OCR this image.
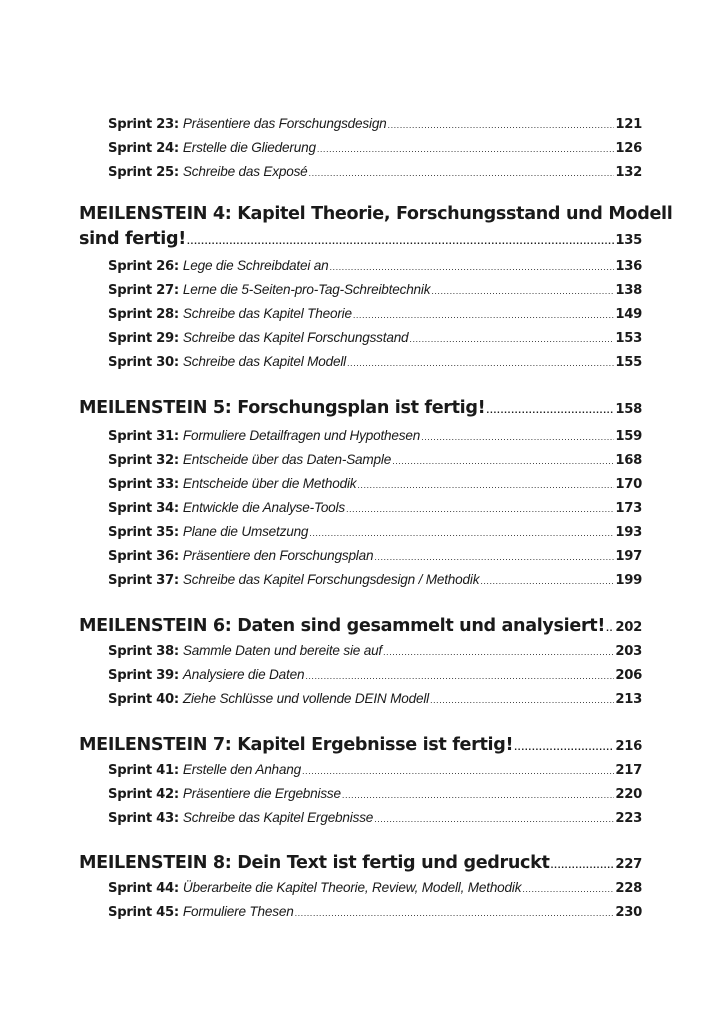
Sprint 23: Präsentiere das Forschungsdesign .....	121
Sprint 24: Erstelle die Gliederung .....	126
Sprint 25: Schreibe das Exposé .....	132
MEILENSTEIN 4: Kapitel Theorie, Forschungsstand und Modell
sind fertig! .....	135
Sprint 26: Lege die Schreibdatei an .....	136
Sprint 27: Lerne die 5-Seiten-pro-Tag-Schreibtechnik .....	138
Sprint 28: Schreibe das Kapitel Theorie .....	149
Sprint 29: Schreibe das Kapitel Forschungsstand .....	153
Sprint 30: Schreibe das Kapitel Modell .....	155
MEILENSTEIN 5: Forschungsplan ist fertig! .....	158
Sprint 31: Formuliere Detailfragen und Hypothesen .....	159
Sprint 32: Entscheide über das Daten-Sample .....	168
Sprint 33: Entscheide über die Methodik .....	170
Sprint 34: Entwickle die Analyse-Tools .....	173
Sprint 35: Plane die Umsetzung .....	193
Sprint 36: Präsentiere den Forschungsplan .....	197
Sprint 37: Schreibe das Kapitel Forschungsdesign / Methodik .....	199
MEILENSTEIN 6: Daten sind gesammelt und analysiert! ..... 202
Sprint 38: Sammle Daten und bereite sie auf .....	203
Sprint 39: Analysiere die Daten .....	206
Sprint 40: Ziehe Schlüsse und vollende DEIN Modell .....	213
MEILENSTEIN 7: Kapitel Ergebnisse ist fertig! .....	216
Sprint 41: Erstelle den Anhang .....	217
Sprint 42: Präsentiere die Ergebnisse .....	220
Sprint 43: Schreibe das Kapitel Ergebnisse .....	223
MEILENSTEIN 8: Dein Text ist fertig und gedruckt .....	227
Sprint 44: Überarbeite die Kapitel Theorie, Review, Modell, Methodik .....	228
Sprint 45: Formuliere Thesen .....	230
